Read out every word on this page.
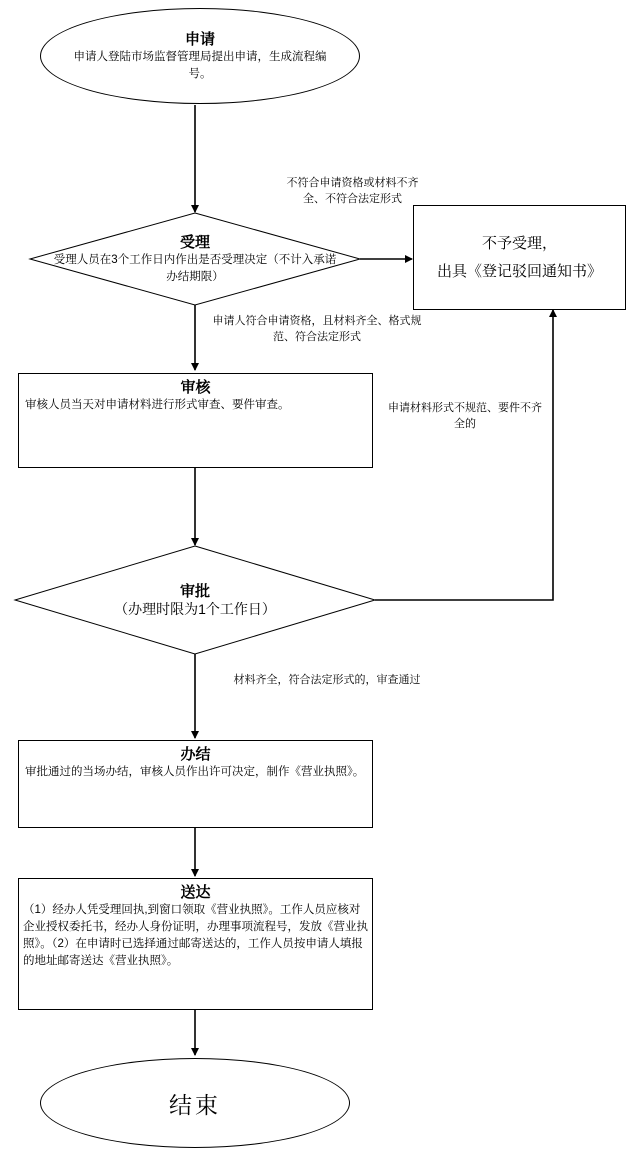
申请
申请人登陆市场监督管理局提出申请，生成流程编号。
受理
受理人员在3个工作日内作出是否受理决定（不计入承诺办结期限）
不予受理，
出具《登记驳回通知书》
审核
审核人员当天对申请材料进行形式审查、要件审查。
审批
（办理时限为1个工作日）
办结
审批通过的当场办结，审核人员作出许可决定，制作《营业执照》。
送达
（1）经办人凭受理回执,到窗口领取《营业执照》。工作人员应核对企业授权委托书，经办人身份证明，办理事项流程号，发放《营业执照》。（2）在申请时已选择通过邮寄送达的，工作人员按申请人填报的地址邮寄送达《营业执照》。
结束
不符合申请资格或材料不齐全、不符合法定形式
申请人符合申请资格，且材料齐全、格式规范、符合法定形式
申请材料形式不规范、要件不齐全的
材料齐全，符合法定形式的，审查通过
